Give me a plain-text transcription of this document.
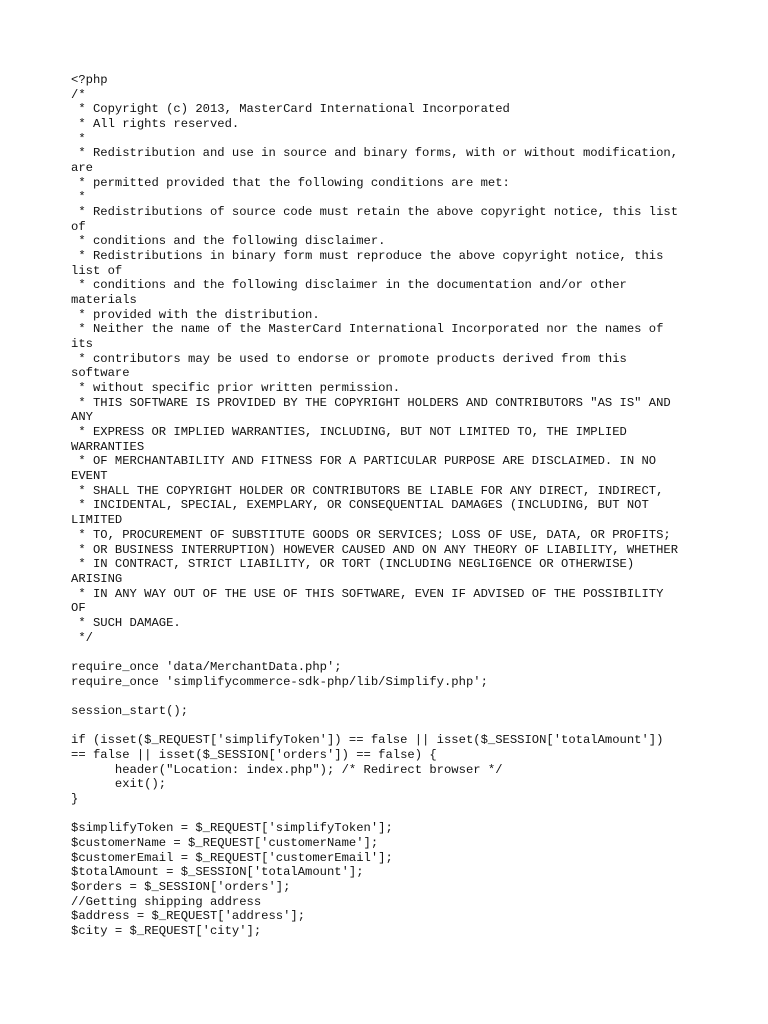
<?php
/*
* Copyright (c) 2013, MasterCard International Incorporated
* All rights reserved.
*
* Redistribution and use in source and binary forms, with or without modification,
are
* permitted provided that the following conditions are met:
*
* Redistributions of source code must retain the above copyright notice, this list
of
* conditions and the following disclaimer.
* Redistributions in binary form must reproduce the above copyright notice, this
list of
* conditions and the following disclaimer in the documentation and/or other
materials
* provided with the distribution.
* Neither the name of the MasterCard International Incorporated nor the names of
its
* contributors may be used to endorse or promote products derived from this
software
* without specific prior written permission.
* THIS SOFTWARE IS PROVIDED BY THE COPYRIGHT HOLDERS AND CONTRIBUTORS "AS IS" AND
ANY
* EXPRESS OR IMPLIED WARRANTIES, INCLUDING, BUT NOT LIMITED TO, THE IMPLIED
WARRANTIES
* OF MERCHANTABILITY AND FITNESS FOR A PARTICULAR PURPOSE ARE DISCLAIMED. IN NO
EVENT
* SHALL THE COPYRIGHT HOLDER OR CONTRIBUTORS BE LIABLE FOR ANY DIRECT, INDIRECT,
* INCIDENTAL, SPECIAL, EXEMPLARY, OR CONSEQUENTIAL DAMAGES (INCLUDING, BUT NOT
LIMITED
* TO, PROCUREMENT OF SUBSTITUTE GOODS OR SERVICES; LOSS OF USE, DATA, OR PROFITS;
* OR BUSINESS INTERRUPTION) HOWEVER CAUSED AND ON ANY THEORY OF LIABILITY, WHETHER
* IN CONTRACT, STRICT LIABILITY, OR TORT (INCLUDING NEGLIGENCE OR OTHERWISE)
ARISING
* IN ANY WAY OUT OF THE USE OF THIS SOFTWARE, EVEN IF ADVISED OF THE POSSIBILITY
OF
* SUCH DAMAGE.
*/
require_once 'data/MerchantData.php';
require_once 'simplifycommerce-sdk-php/lib/Simplify.php';
session_start();
if (isset($_REQUEST['simplifyToken']) == false || isset($_SESSION['totalAmount'])
== false || isset($_SESSION['orders']) == false) {
header("Location: index.php"); /* Redirect browser */
exit();
}
$simplifyToken = $_REQUEST['simplifyToken'];
$customerName = $_REQUEST['customerName'];
$customerEmail = $_REQUEST['customerEmail'];
$totalAmount = $_SESSION['totalAmount'];
$orders = $_SESSION['orders'];
//Getting shipping address
$address = $_REQUEST['address'];
$city = $_REQUEST['city'];
